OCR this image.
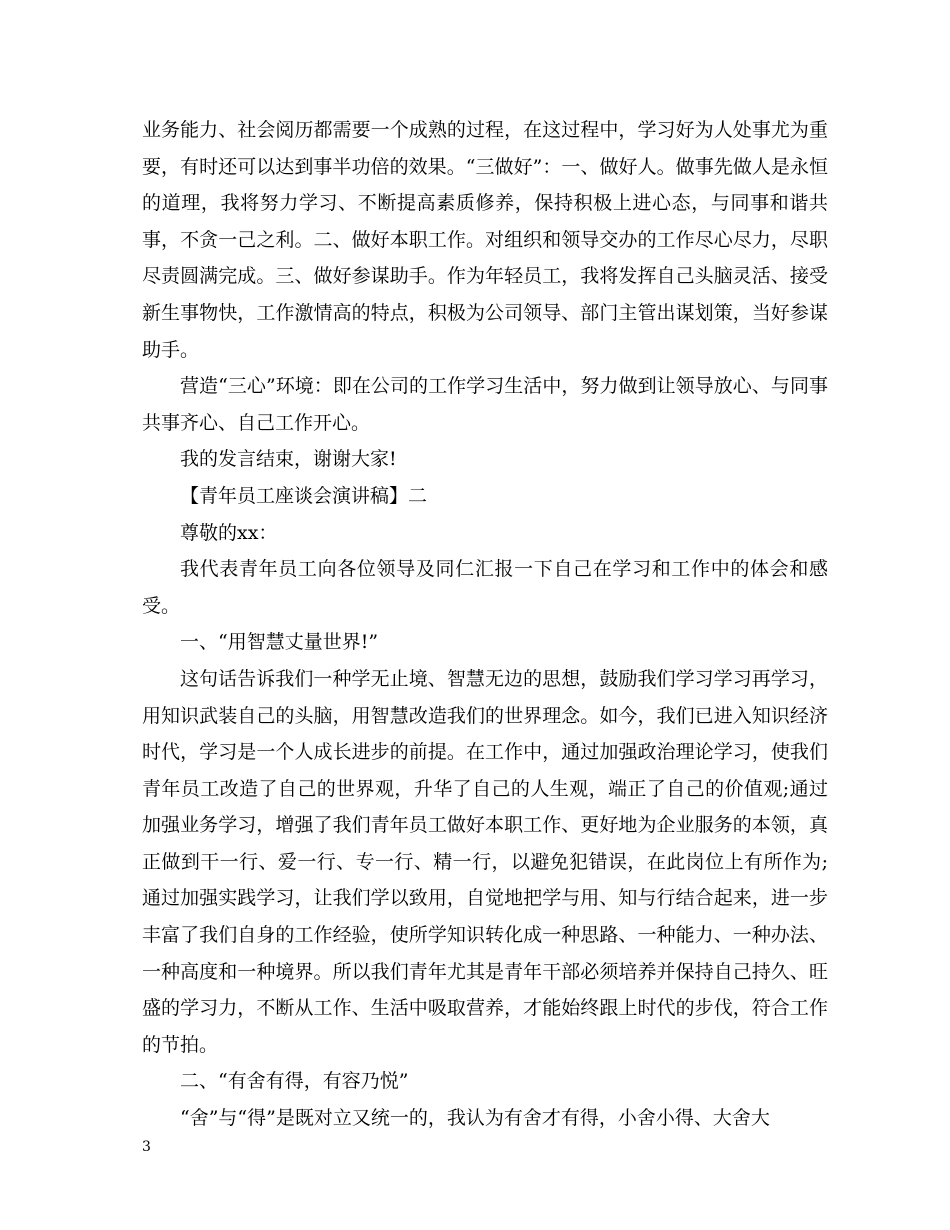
业务能力、社会阅历都需要一个成熟的过程，在这过程中，学习好为人处事尤为重要，有时还可以达到事半功倍的效果。“三做好”：一、做好人。做事先做人是永恒的道理，我将努力学习、不断提高素质修养，保持积极上进心态，与同事和谐共事，不贪一己之利。二、做好本职工作。对组织和领导交办的工作尽心尽力，尽职尽责圆满完成。三、做好参谋助手。作为年轻员工，我将发挥自己头脑灵活、接受新生事物快，工作激情高的特点，积极为公司领导、部门主管出谋划策，当好参谋助手。

营造“三心”环境：即在公司的工作学习生活中，努力做到让领导放心、与同事共事齐心、自己工作开心。

我的发言结束，谢谢大家!

【青年员工座谈会演讲稿】二

尊敬的xx：

我代表青年员工向各位领导及同仁汇报一下自己在学习和工作中的体会和感受。

一、“用智慧丈量世界!”

这句话告诉我们一种学无止境、智慧无边的思想，鼓励我们学习学习再学习，用知识武装自己的头脑，用智慧改造我们的世界理念。如今，我们已进入知识经济时代，学习是一个人成长进步的前提。在工作中，通过加强政治理论学习，使我们青年员工改造了自己的世界观，升华了自己的人生观，端正了自己的价值观;通过加强业务学习，增强了我们青年员工做好本职工作、更好地为企业服务的本领，真正做到干一行、爱一行、专一行、精一行，以避免犯错误，在此岗位上有所作为;通过加强实践学习，让我们学以致用，自觉地把学与用、知与行结合起来，进一步丰富了我们自身的工作经验，使所学知识转化成一种思路、一种能力、一种办法、一种高度和一种境界。所以我们青年尤其是青年干部必须培养并保持自己持久、旺盛的学习力，不断从工作、生活中吸取营养，才能始终跟上时代的步伐，符合工作的节拍。

二、“有舍有得，有容乃悦”

“舍”与“得”是既对立又统一的，我认为有舍才有得，小舍小得、大舍大

3
